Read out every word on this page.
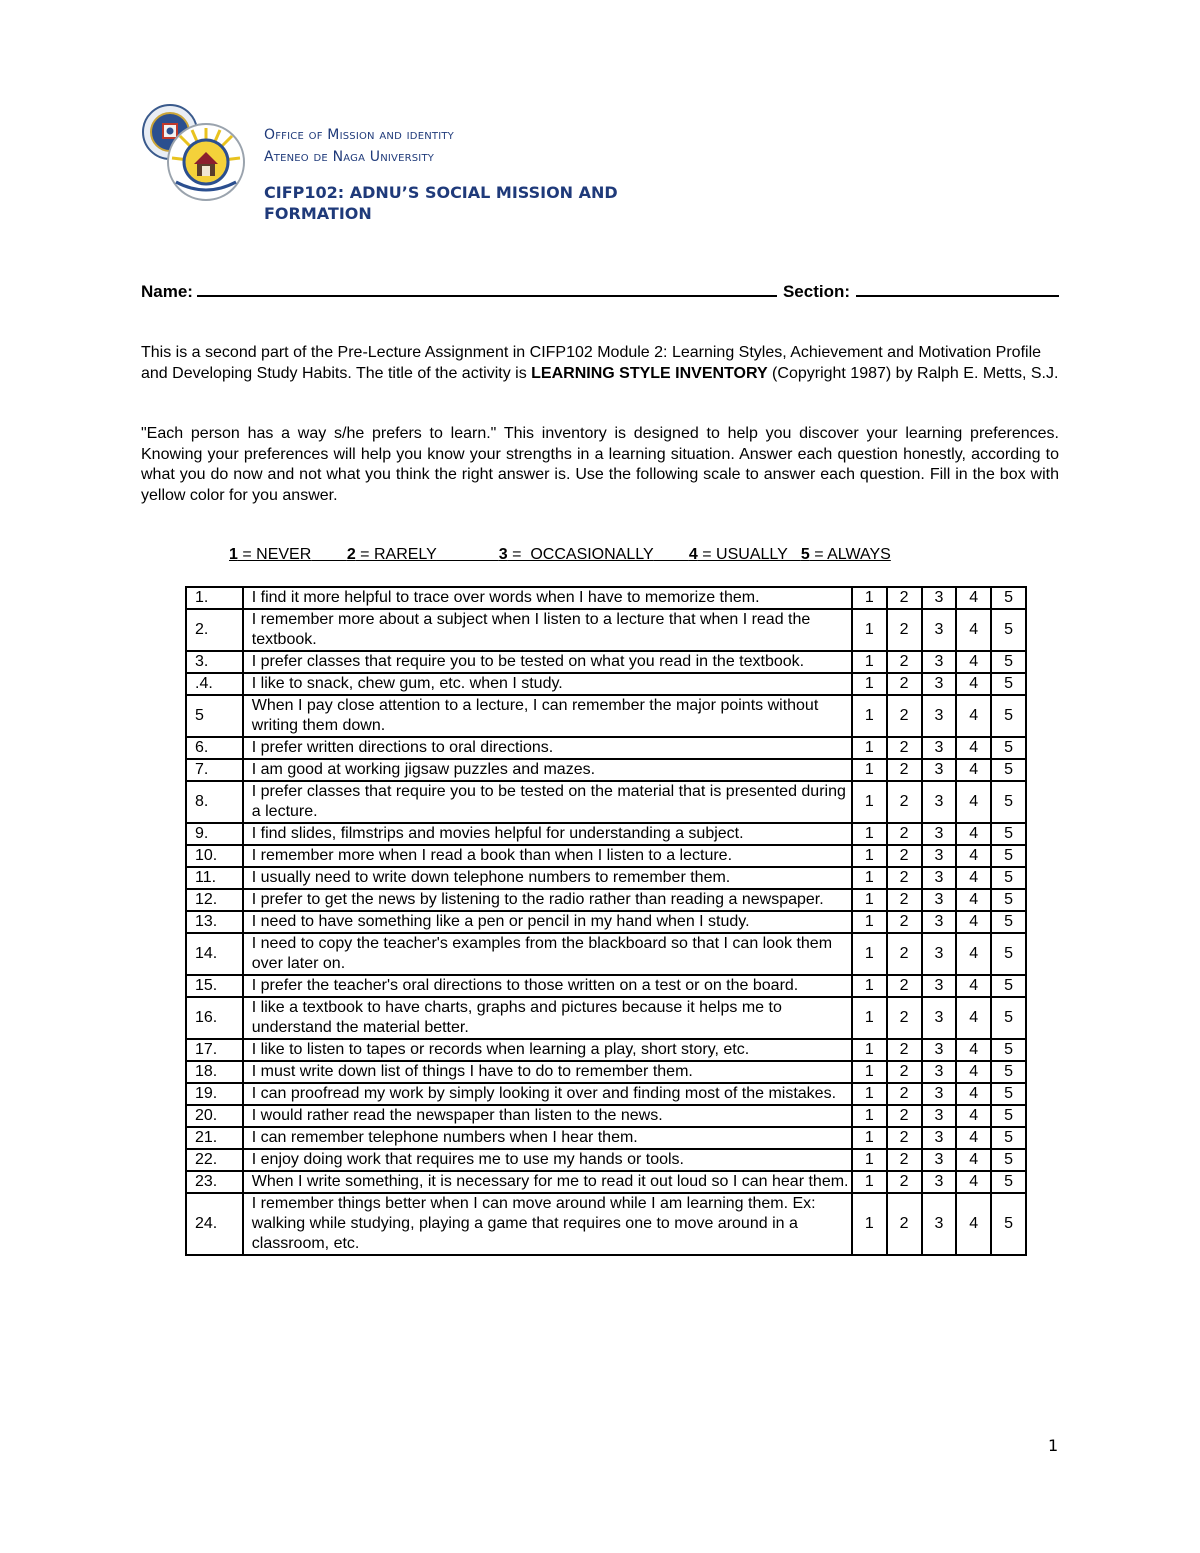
Office of Mission and identity
Ateneo de Naga University
CIFP102: ADNU’S SOCIAL MISSION AND FORMATION
Name:	Section:

This is a second part of the Pre-Lecture Assignment in CIFP102 Module 2: Learning Styles, Achievement and Motivation Profile and Developing Study Habits. The title of the activity is LEARNING STYLE INVENTORY (Copyright 1987) by Ralph E. Metts, S.J.

"Each person has a way s/he prefers to learn." This inventory is designed to help you discover your learning preferences. Knowing your preferences will help you know your strengths in a learning situation. Answer each question honestly, according to what you do now and not what you think the right answer is. Use the following scale to answer each question. Fill in the box with yellow color for you answer.
1 = NEVER 2 = RARELY	3 =  OCCASIONALLY 4 = USUALLY 5 = ALWAYS
1.	I find it more helpful to trace over words when I have to memorize them.	1	2	3	4	5
2.	I remember more about a subject when I listen to a lecture that when I read the textbook.	1	2	3	4	5
3.	I prefer classes that require you to be tested on what you read in the textbook.	1	2	3	4	5
.4.	I like to snack, chew gum, etc. when I study.	1	2	3	4	5
5	When I pay close attention to a lecture, I can remember the major points without writing them down.	1	2	3	4	5
6.	I prefer written directions to oral directions.	1	2	3	4	5
7.	I am good at working jigsaw puzzles and mazes.	1	2	3	4	5
8.	I prefer classes that require you to be tested on the material that is presented during a lecture.	1	2	3	4	5
9.	I find slides, filmstrips and movies helpful for understanding a subject.	1	2	3	4	5
10.	I remember more when I read a book than when I listen to a lecture.	1	2	3	4	5
11.	I usually need to write down telephone numbers to remember them.	1	2	3	4	5
12.	I prefer to get the news by listening to the radio rather than reading a newspaper.	1	2	3	4	5
13.	I need to have something like a pen or pencil in my hand when I study.	1	2	3	4	5
14.	I need to copy the teacher's examples from the blackboard so that I can look them over later on.	1	2	3	4	5
15.	I prefer the teacher's oral directions to those written on a test or on the board.	1	2	3	4	5
16.	I like a textbook to have charts, graphs and pictures because it helps me to understand the material better.	1	2	3	4	5
17.	I like to listen to tapes or records when learning a play, short story, etc.	1	2	3	4	5
18.	I must write down list of things I have to do to remember them.	1	2	3	4	5
19.	I can proofread my work by simply looking it over and finding most of the mistakes.	1	2	3	4	5
20.	I would rather read the newspaper than listen to the news.	1	2	3	4	5
21.	I can remember telephone numbers when I hear them.	1	2	3	4	5
22.	I enjoy doing work that requires me to use my hands or tools.	1	2	3	4	5
23.	When I write something, it is necessary for me to read it out loud so I can hear them.	1	2	3	4	5
24.	I remember things better when I can move around while I am learning them. Ex: walking while studying, playing a game that requires one to move around in a classroom, etc.	1	2	3	4	5
1
